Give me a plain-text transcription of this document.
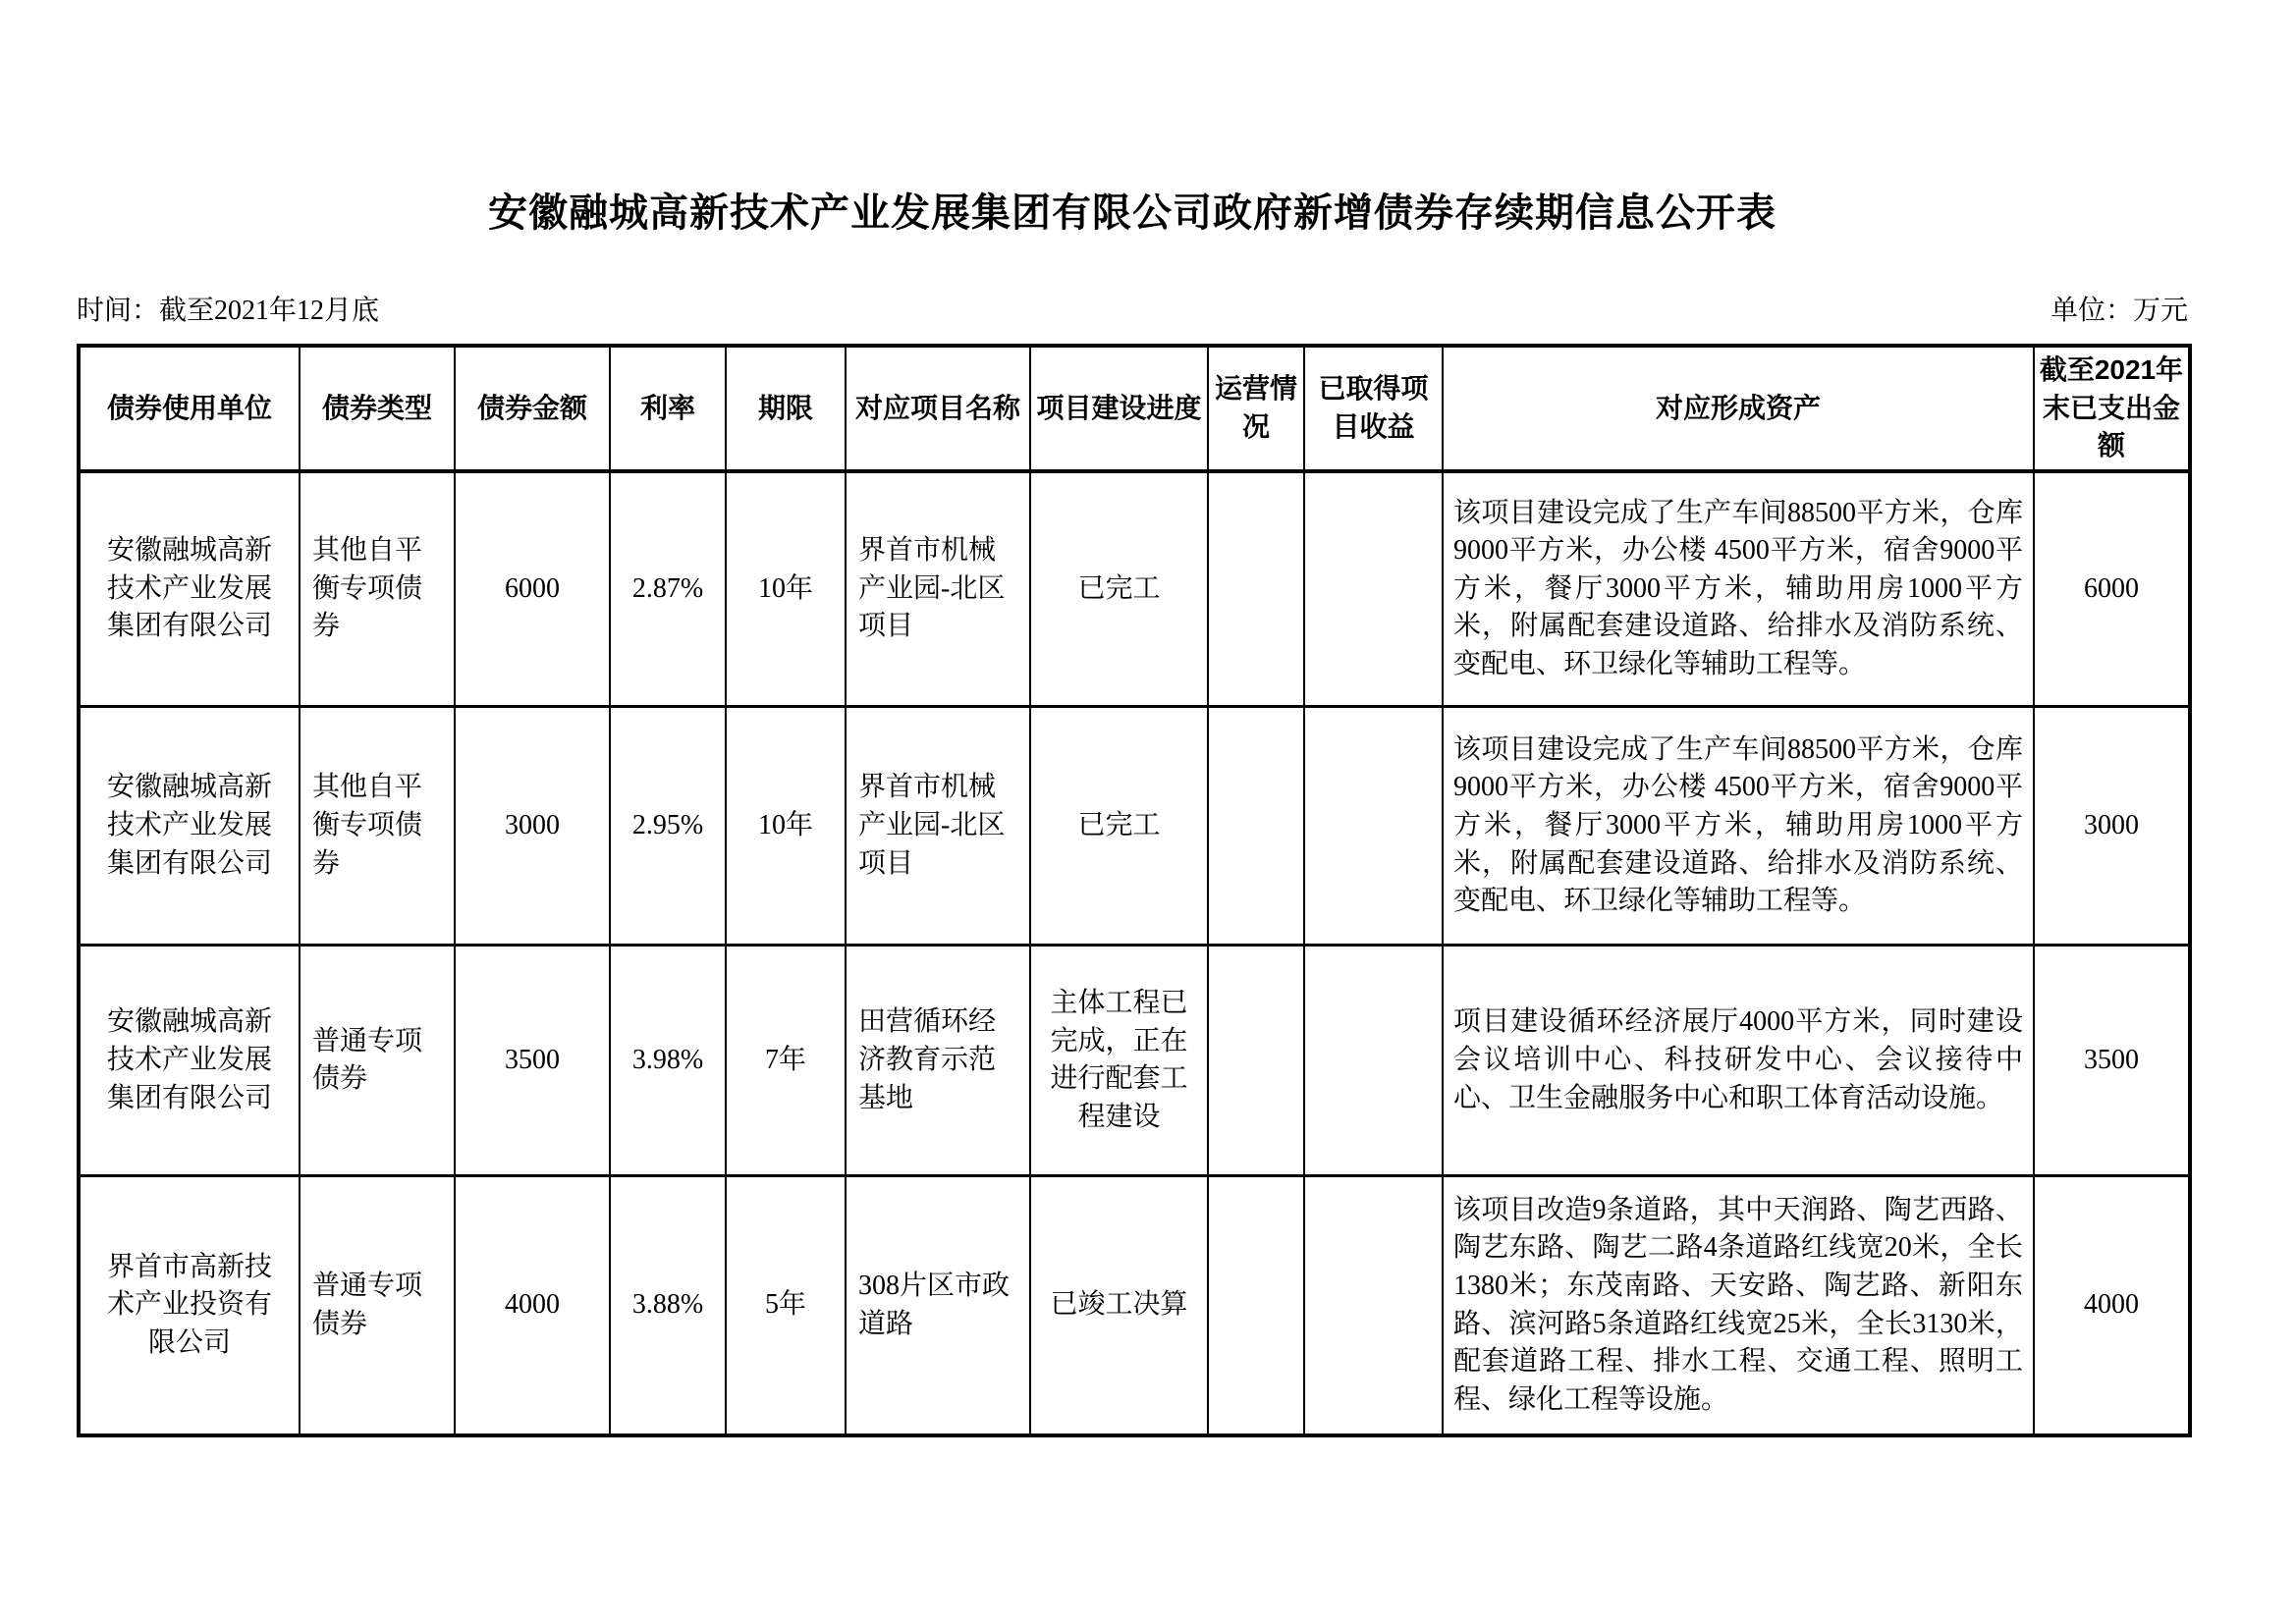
安徽融城高新技术产业发展集团有限公司政府新增债券存续期信息公开表
时间：截至2021年12月底	单位：万元
债券使用单位	债券类型	债券金额	利率	期限	对应项目名称	项目建设进度	运营情况	已取得项目收益	对应形成资产	截至2021年末已支出金额
安徽融城高新技术产业发展集团有限公司	其他自平衡专项债券	6000	2.87%	10年	界首市机械产业园-北区项目	已完工			该项目建设完成了生产车间88500平方米，仓库9000平方米，办公楼 4500平方米，宿舍9000平方米，餐厅3000平方米，辅助用房1000平方米，附属配套建设道路、给排水及消防系统、变配电、环卫绿化等辅助工程等。	6000
安徽融城高新技术产业发展集团有限公司	其他自平衡专项债券	3000	2.95%	10年	界首市机械产业园-北区项目	已完工			该项目建设完成了生产车间88500平方米，仓库9000平方米，办公楼 4500平方米，宿舍9000平方米，餐厅3000平方米，辅助用房1000平方米，附属配套建设道路、给排水及消防系统、变配电、环卫绿化等辅助工程等。	3000
安徽融城高新技术产业发展集团有限公司	普通专项债券	3500	3.98%	7年	田营循环经济教育示范基地	主体工程已完成，正在进行配套工程建设			项目建设循环经济展厅4000平方米，同时建设会议培训中心、科技研发中心、会议接待中心、卫生金融服务中心和职工体育活动设施。	3500
界首市高新技术产业投资有限公司	普通专项债券	4000	3.88%	5年	308片区市政道路	已竣工决算			该项目改造9条道路，其中天润路、陶艺西路、陶艺东路、陶艺二路4条道路红线宽20米，全长1380米；东茂南路、天安路、陶艺路、新阳东路、滨河路5条道路红线宽25米，全长3130米，配套道路工程、排水工程、交通工程、照明工程、绿化工程等设施。	4000
